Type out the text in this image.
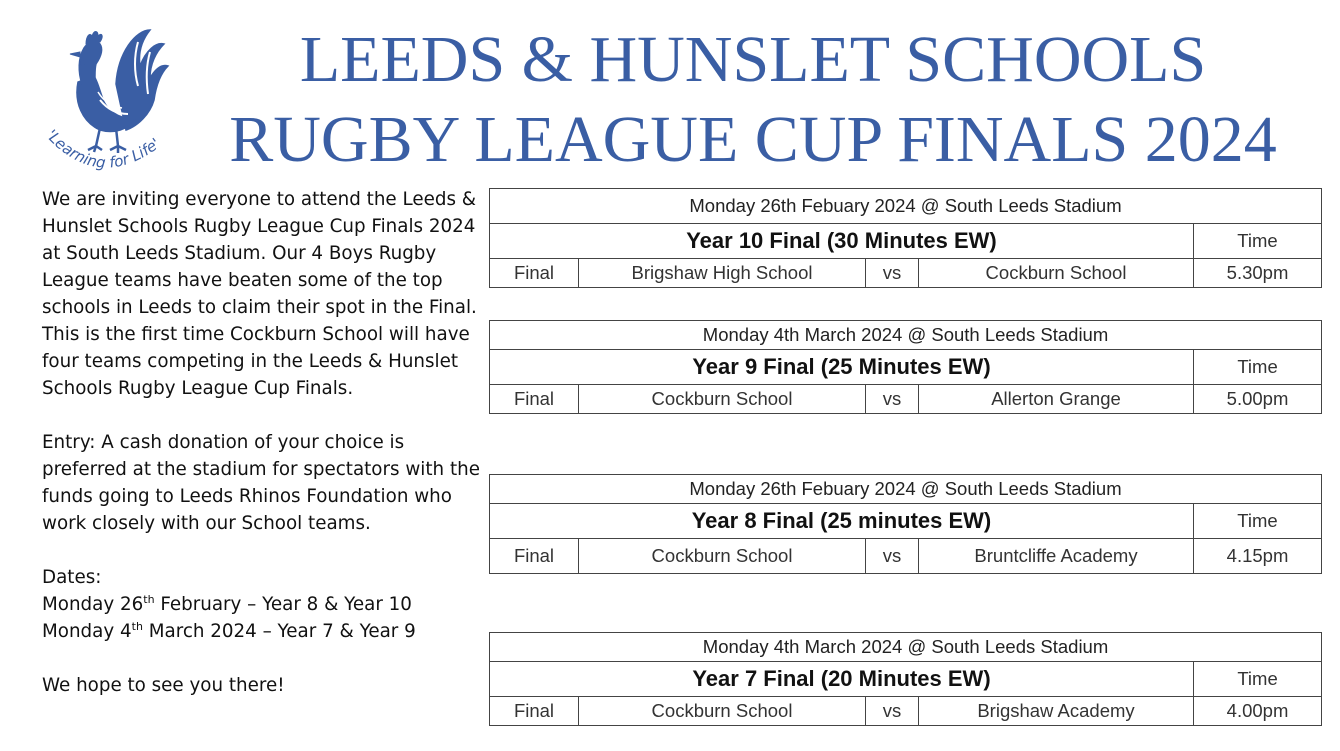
'Learning for Life'
LEEDS & HUNSLET SCHOOLS
RUGBY LEAGUE CUP FINALS 2024

We are inviting everyone to attend the Leeds & Hunslet Schools Rugby League Cup Finals 2024 at South Leeds Stadium. Our 4 Boys Rugby League teams have beaten some of the top schools in Leeds to claim their spot in the Final. This is the first time Cockburn School will have four teams competing in the Leeds & Hunslet Schools Rugby League Cup Finals.

Entry: A cash donation of your choice is preferred at the stadium for spectators with the funds going to Leeds Rhinos Foundation who work closely with our School teams.

Dates:

Monday 26th February – Year 8 & Year 10

Monday 4th March 2024 – Year 7 & Year 9

We hope to see you there!

Monday 26th Febuary 2024 @ South Leeds Stadium				
Year 10 Final (30 Minutes EW)				Time
Final	Brigshaw High School	vs	Cockburn School	5.30pm
Monday 4th March 2024 @ South Leeds Stadium				
Year 9 Final (25 Minutes EW)				Time
Final	Cockburn School	vs	Allerton Grange	5.00pm
Monday 26th Febuary 2024 @ South Leeds Stadium				
Year 8 Final (25 minutes EW)				Time
Final	Cockburn School	vs	Bruntcliffe Academy	4.15pm
Monday 4th March 2024 @ South Leeds Stadium				
Year 7 Final (20 Minutes EW)				Time
Final	Cockburn School	vs	Brigshaw Academy	4.00pm
